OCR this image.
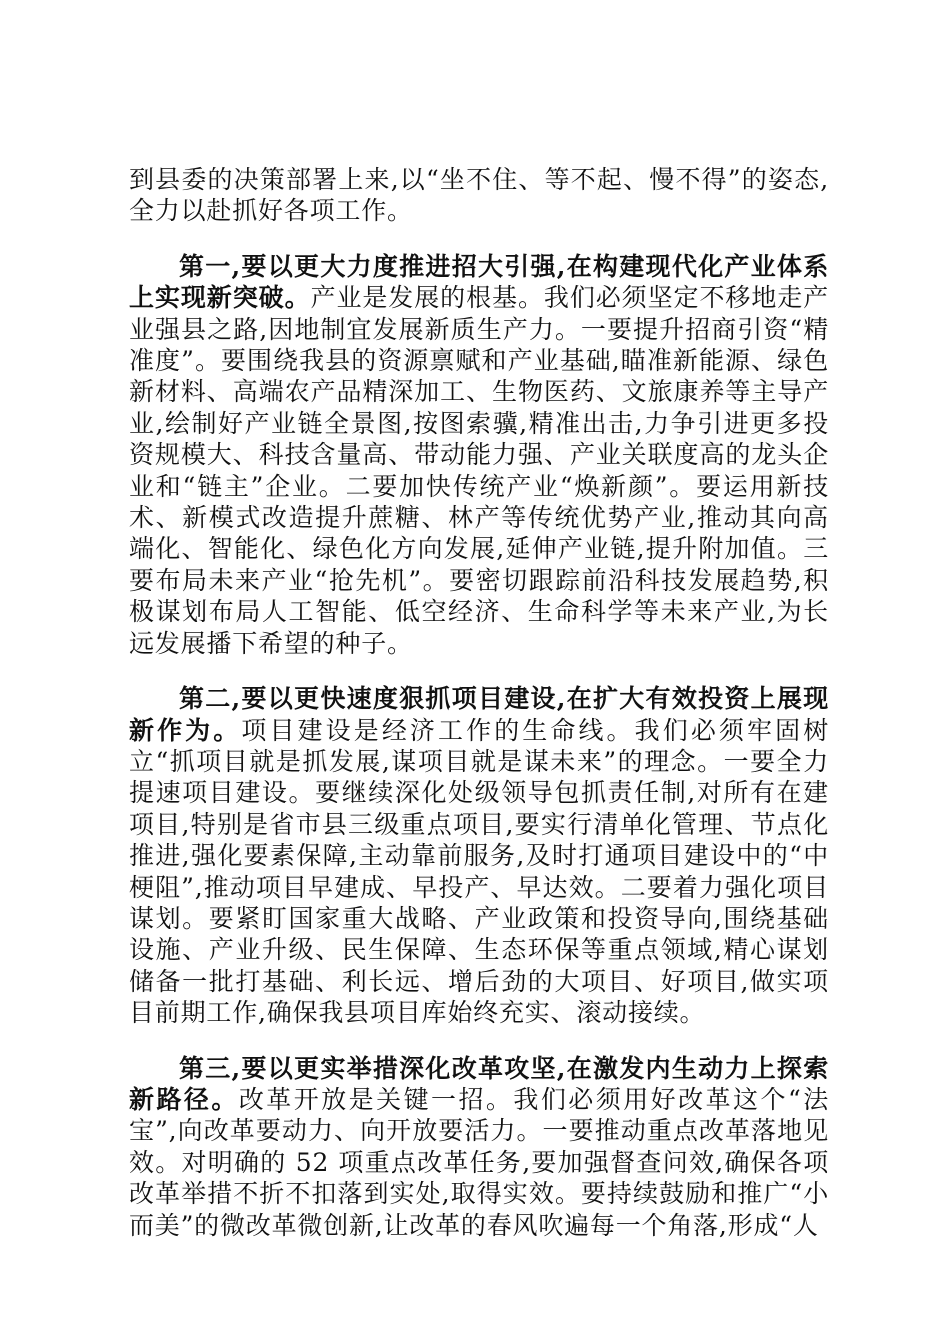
到县委的决策部署上来,以“坐不住、等不起、慢不得”的姿态,全力以赴抓好各项工作。

第一,要以更大力度推进招大引强,在构建现代化产业体系上实现新突破。产业是发展的根基。我们必须坚定不移地走产业强县之路,因地制宜发展新质生产力。一要提升招商引资“精准度”。要围绕我县的资源禀赋和产业基础,瞄准新能源、绿色新材料、高端农产品精深加工、生物医药、文旅康养等主导产业,绘制好产业链全景图,按图索骥,精准出击,力争引进更多投资规模大、科技含量高、带动能力强、产业关联度高的龙头企业和“链主”企业。二要加快传统产业“焕新颜”。要运用新技术、新模式改造提升蔗糖、林产等传统优势产业,推动其向高端化、智能化、绿色化方向发展,延伸产业链,提升附加值。三要布局未来产业“抢先机”。要密切跟踪前沿科技发展趋势,积极谋划布局人工智能、低空经济、生命科学等未来产业,为长远发展播下希望的种子。

第二,要以更快速度狠抓项目建设,在扩大有效投资上展现新作为。项目建设是经济工作的生命线。我们必须牢固树立“抓项目就是抓发展,谋项目就是谋未来”的理念。一要全力提速项目建设。要继续深化处级领导包抓责任制,对所有在建项目,特别是省市县三级重点项目,要实行清单化管理、节点化推进,强化要素保障,主动靠前服务,及时打通项目建设中的“中梗阻”,推动项目早建成、早投产、早达效。二要着力强化项目谋划。要紧盯国家重大战略、产业政策和投资导向,围绕基础设施、产业升级、民生保障、生态环保等重点领域,精心谋划储备一批打基础、利长远、增后劲的大项目、好项目,做实项目前期工作,确保我县项目库始终充实、滚动接续。

第三,要以更实举措深化改革攻坚,在激发内生动力上探索新路径。改革开放是关键一招。我们必须用好改革这个“法宝”,向改革要动力、向开放要活力。一要推动重点改革落地见效。对明确的 52 项重点改革任务,要加强督查问效,确保各项改革举措不折不扣落到实处,取得实效。要持续鼓励和推广“小而美”的微改革微创新,让改革的春风吹遍每一个角落,形成“人
